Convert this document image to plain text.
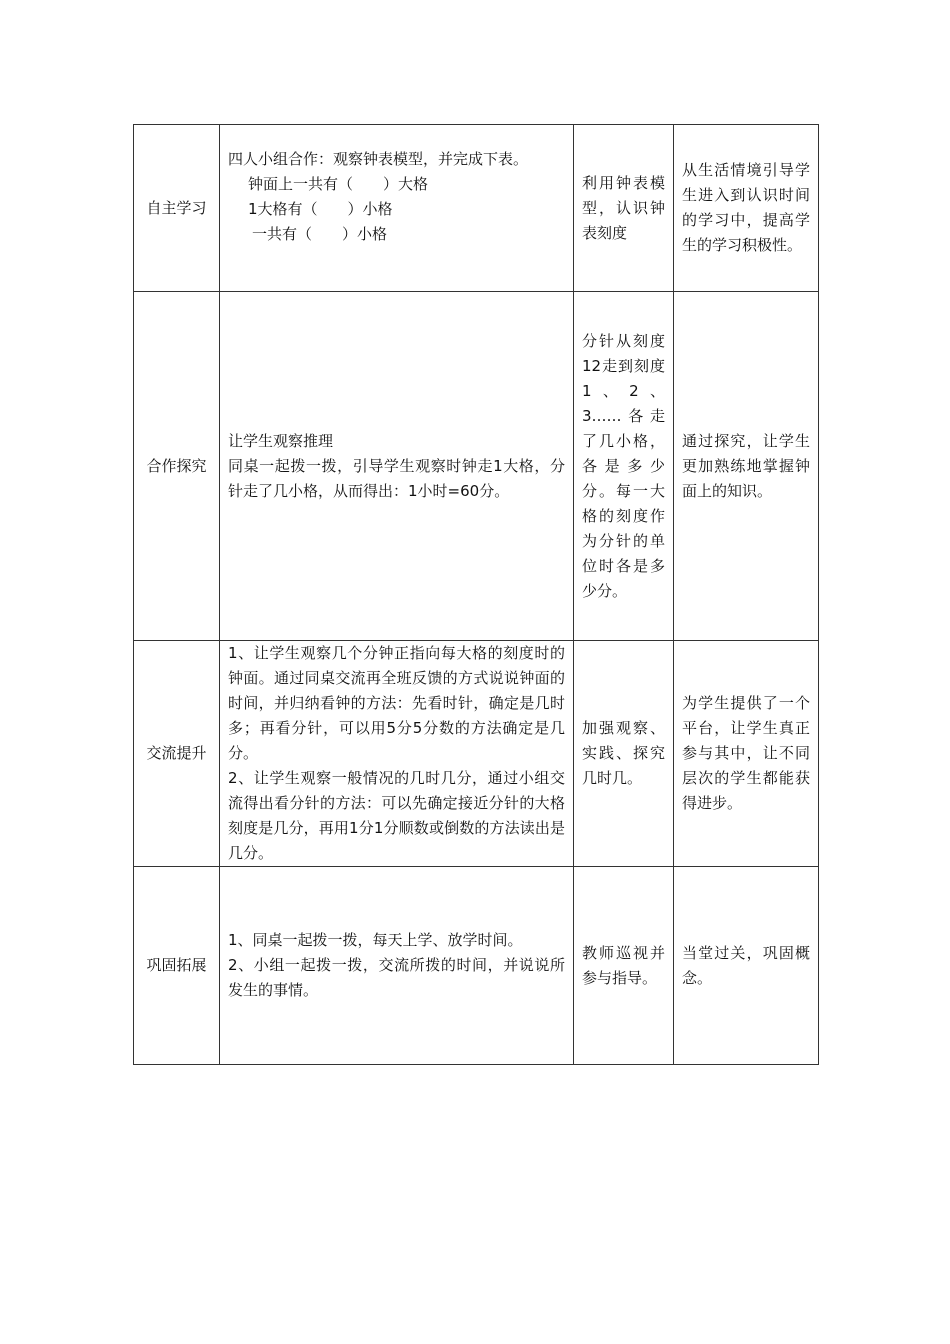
自主学习	四人小组合作：观察钟表模型，并完成下表。
钟面上一共有（　　）大格
1大格有（　　）小格
一共有（　　）小格	利用钟表模型，认识钟表刻度	从生活情境引导学生进入到认识时间的学习中，提高学生的学习积极性。
合作探究	让学生观察推理
同桌一起拨一拨，引导学生观察时钟走1大格，分针走了几小格，从而得出：1小时=60分。	分针从刻度12走到刻度1、2、3……各走了几小格，各是多少分。每一大格的刻度作为分针的单位时各是多少分。	通过探究，让学生更加熟练地掌握钟面上的知识。
交流提升	1、让学生观察几个分钟正指向每大格的刻度时的钟面。通过同桌交流再全班反馈的方式说说钟面的时间，并归纳看钟的方法：先看时针，确定是几时多；再看分针，可以用5分5分数的方法确定是几分。
2、让学生观察一般情况的几时几分，通过小组交流得出看分针的方法：可以先确定接近分针的大格刻度是几分，再用1分1分顺数或倒数的方法读出是几分。	加强观察、实践、探究几时几。	为学生提供了一个平台，让学生真正参与其中，让不同层次的学生都能获得进步。
巩固拓展	1、同桌一起拨一拨，每天上学、放学时间。
2、小组一起拨一拨，交流所拨的时间，并说说所发生的事情。	教师巡视并参与指导。	当堂过关，巩固概念。
